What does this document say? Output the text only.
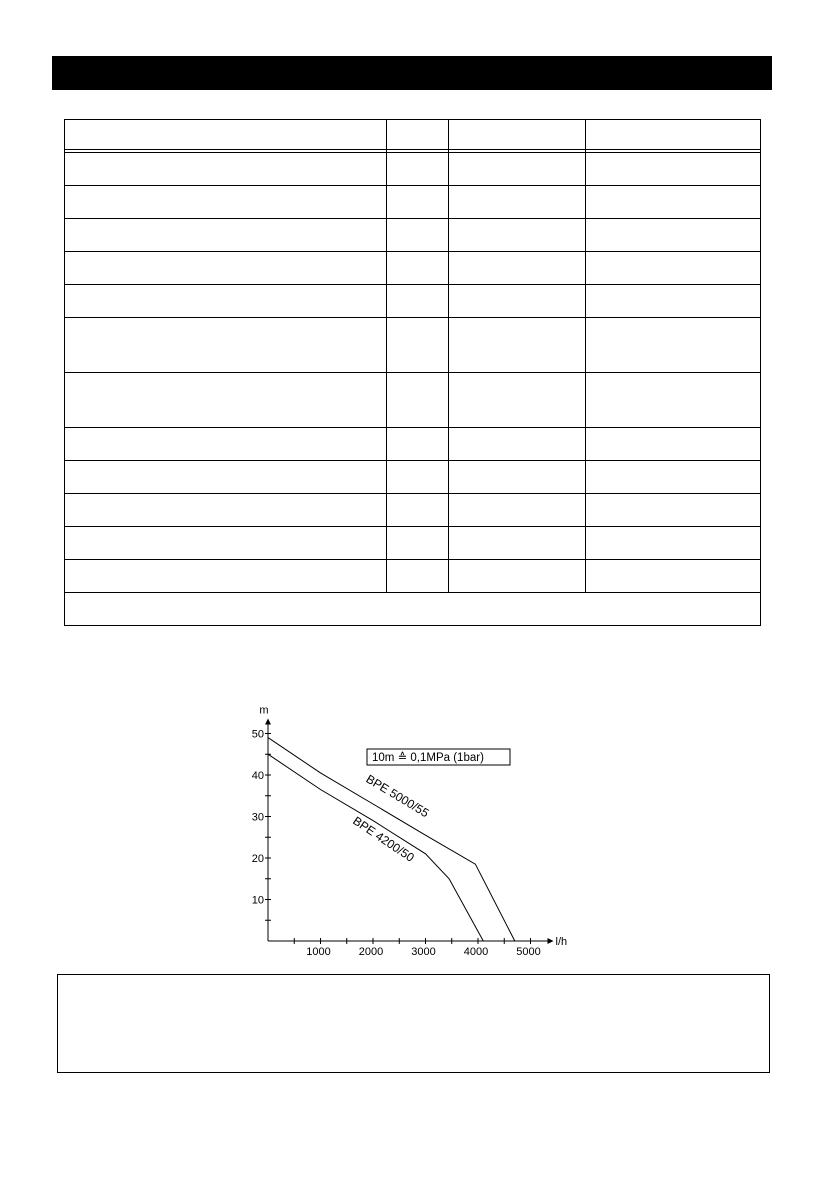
1000	2000	3000	4000	5000
10
20
30
40
50
l/h
m
BPE 5000/55
BPE 4200/50
10m ≙ 0,1MPa (1bar)
